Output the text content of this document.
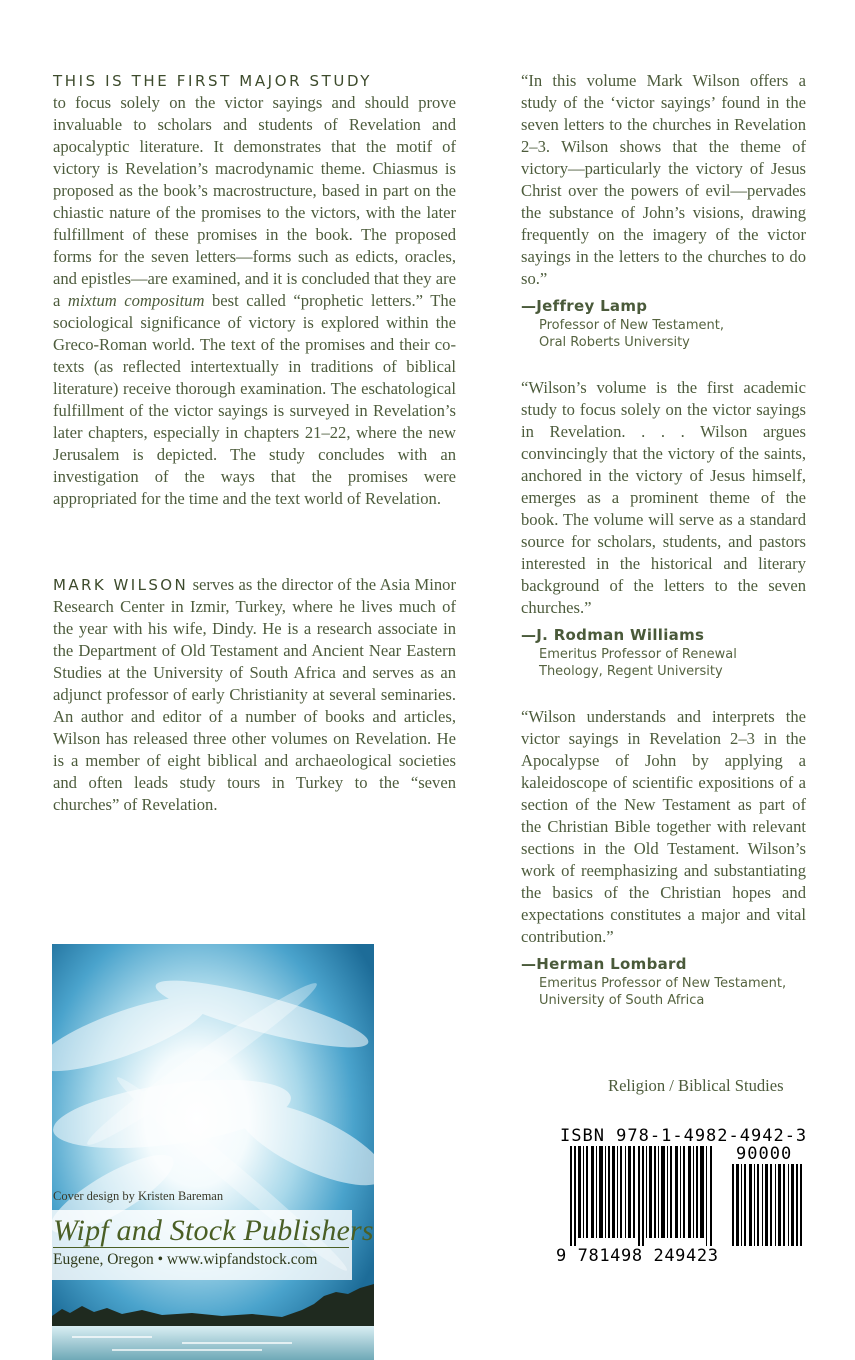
THIS IS THE FIRST MAJOR STUDY
to focus solely on the victor sayings and should prove invaluable to scholars and students of Revelation and apocalyptic literature. It demonstrates that the motif of victory is Revelation’s macrodynamic theme. Chiasmus is proposed as the book’s macrostructure, based in part on the chiastic nature of the promises to the victors, with the later fulfillment of these promises in the book. The proposed forms for the seven letters—forms such as edicts, oracles, and epistles—are examined, and it is concluded that they are a mixtum compositum best called “prophetic letters.” The sociological significance of victory is explored within the Greco-Roman world. The text of the promises and their co-texts (as reflected intertextually in traditions of biblical literature) receive thorough examination. The eschatological fulfillment of the victor sayings is surveyed in Revelation’s later chapters, especially in chapters 21–22, where the new Jerusalem is depicted. The study concludes with an investigation of the ways that the promises were appropriated for the time and the text world of Revelation.

MARK WILSON serves as the director of the Asia Minor Research Center in Izmir, Turkey, where he lives much of the year with his wife, Dindy. He is a research associate in the Department of Old Testament and Ancient Near Eastern Studies at the University of South Africa and serves as an adjunct professor of early Christianity at several seminaries. An author and editor of a number of books and articles, Wilson has released three other volumes on Revelation. He is a member of eight biblical and archaeological societies and often leads study tours in Turkey to the “seven churches” of Revelation.

“In this volume Mark Wilson offers a study of the ‘victor sayings’ found in the seven letters to the churches in Revelation 2–3. Wilson shows that the theme of victory—particularly the victory of Jesus Christ over the powers of evil—pervades the substance of John’s visions, drawing frequently on the imagery of the victor sayings in the letters to the churches to do so.”

—Jeffrey Lamp
Professor of New Testament,
Oral Roberts University

“Wilson’s volume is the first academic study to focus solely on the victor sayings in Revelation. . . . Wilson argues convincingly that the victory of the saints, anchored in the victory of Jesus himself, emerges as a prominent theme of the book. The volume will serve as a standard source for scholars, students, and pastors interested in the historical and literary background of the letters to the seven churches.”

—J. Rodman Williams
Emeritus Professor of Renewal
Theology, Regent University

“Wilson understands and interprets the victor sayings in Revelation 2–3 in the Apocalypse of John by applying a kaleidoscope of scientific expositions of a section of the New Testament as part of the Christian Bible together with relevant sections in the Old Testament. Wilson’s work of reemphasizing and substantiating the basics of the Christian hopes and expectations constitutes a major and vital contribution.”

—Herman Lombard
Emeritus Professor of New Testament,
University of South Africa
Religion / Biblical Studies
ISBN 978-1-4982-4942-3
90000
9 781498 249423
Cover design by Kristen Bareman
Wipf and Stock Publishers
Eugene, Oregon • www.wipfandstock.com
